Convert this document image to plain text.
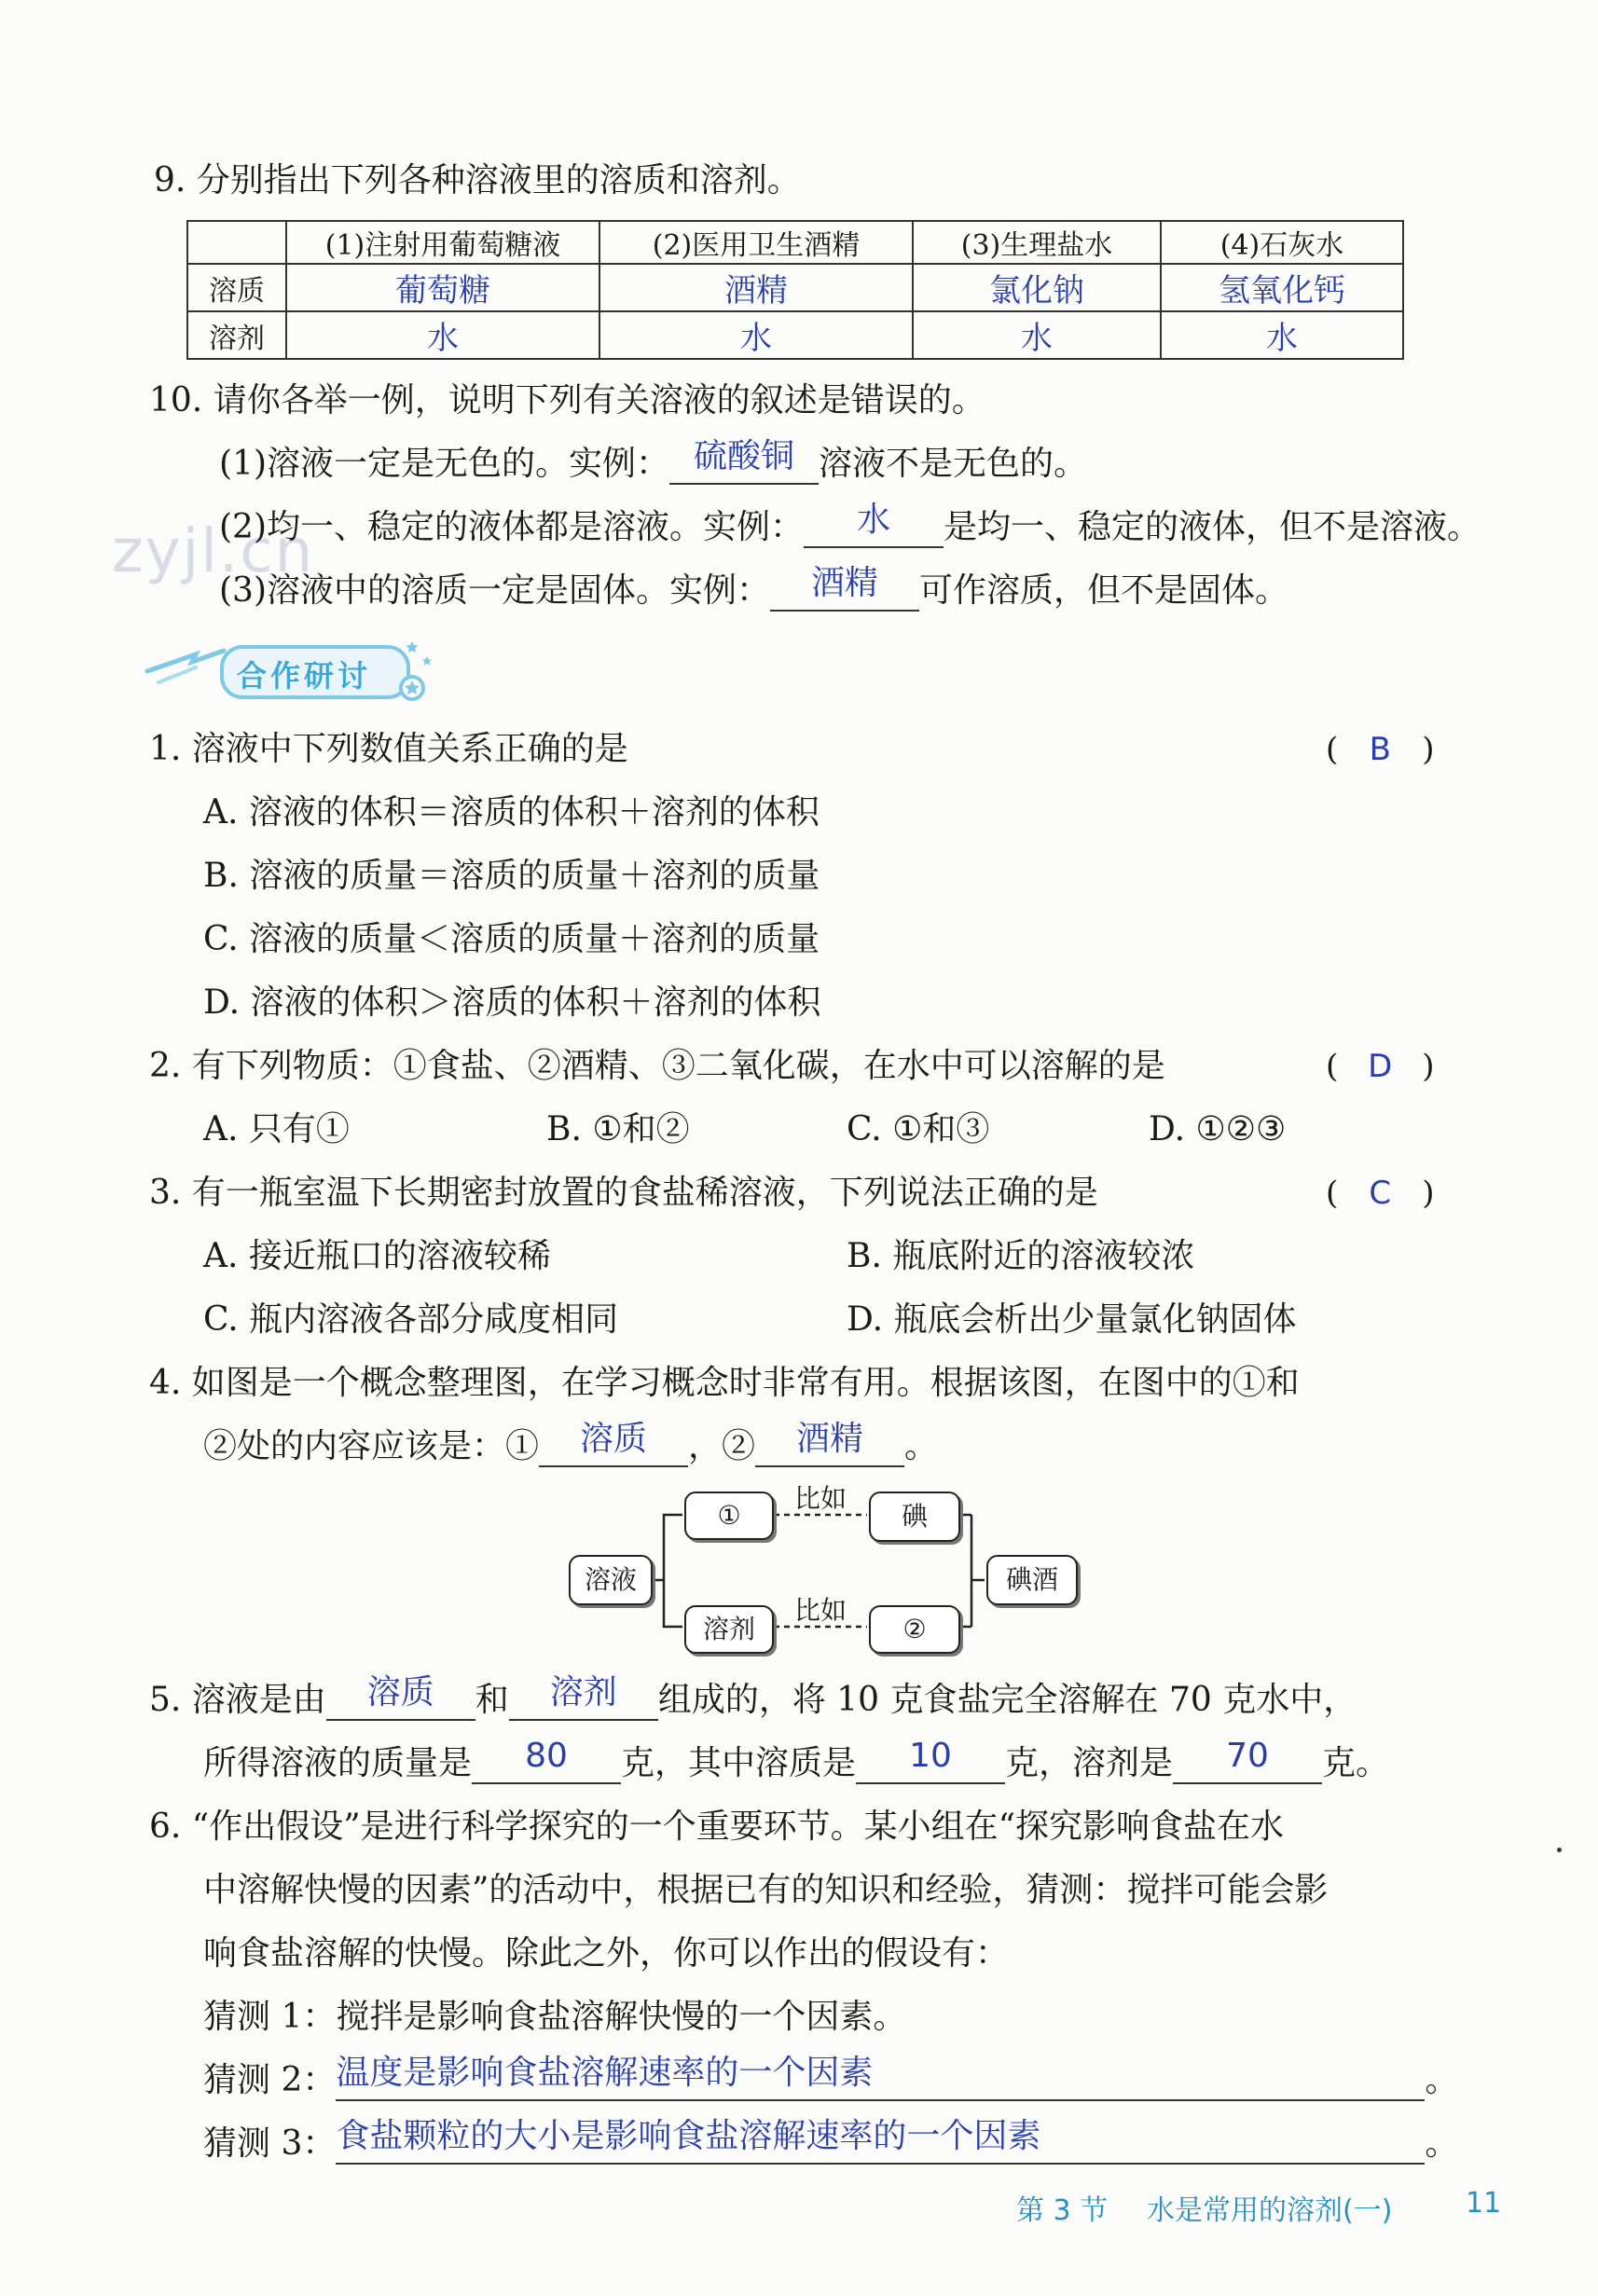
zyjl.cn
9. 分别指出下列各种溶液里的溶质和溶剂。
	(1)注射用葡萄糖液	(2)医用卫生酒精	(3)生理盐水	(4)石灰水
溶质	葡萄糖	酒精	氯化钠	氢氧化钙
溶剂	水	水	水	水
10. 请你各举一例，说明下列有关溶液的叙述是错误的。
(1)溶液一定是无色的。实例： 硫酸铜 溶液不是无色的。
(2)均一、稳定的液体都是溶液。实例： 水 是均一、稳定的液体，但不是溶液。
(3)溶液中的溶质一定是固体。实例： 酒精 可作溶质，但不是固体。
合作研讨
1. 溶液中下列数值关系正确的是	( B )
A. 溶液的体积＝溶质的体积＋溶剂的体积
B. 溶液的质量＝溶质的质量＋溶剂的质量
C. 溶液的质量＜溶质的质量＋溶剂的质量
D. 溶液的体积＞溶质的体积＋溶剂的体积
2. 有下列物质：①食盐、②酒精、③二氧化碳，在水中可以溶解的是	( D )
A. 只有①	B. ①和②	C. ①和③	D. ①②③
3. 有一瓶室温下长期密封放置的食盐稀溶液，下列说法正确的是	( C )
A. 接近瓶口的溶液较稀	B. 瓶底附近的溶液较浓
C. 瓶内溶液各部分咸度相同	D. 瓶底会析出少量氯化钠固体
4. 如图是一个概念整理图，在学习概念时非常有用。根据该图，在图中的①和
②处的内容应该是：① 溶质 ，② 酒精 。
溶液
①
溶剂
碘
②
碘酒
比如
比如
5. 溶液是由 溶质 和 溶剂 组成的，将 10 克食盐完全溶解在 70 克水中，
所得溶液的质量是 80 克，其中溶质是 10 克，溶剂是 70 克。
6. “作出假设”是进行科学探究的一个重要环节。某小组在“探究影响食盐在水
中溶解快慢的因素”的活动中，根据已有的知识和经验，猜测：搅拌可能会影
响食盐溶解的快慢。除此之外，你可以作出的假设有：
猜测 1：搅拌是影响食盐溶解快慢的一个因素。
猜测 2：温度是影响食盐溶解速率的一个因素	。
猜测 3：食盐颗粒的大小是影响食盐溶解速率的一个因素	。
第 3 节 水是常用的溶剂(一)	11
